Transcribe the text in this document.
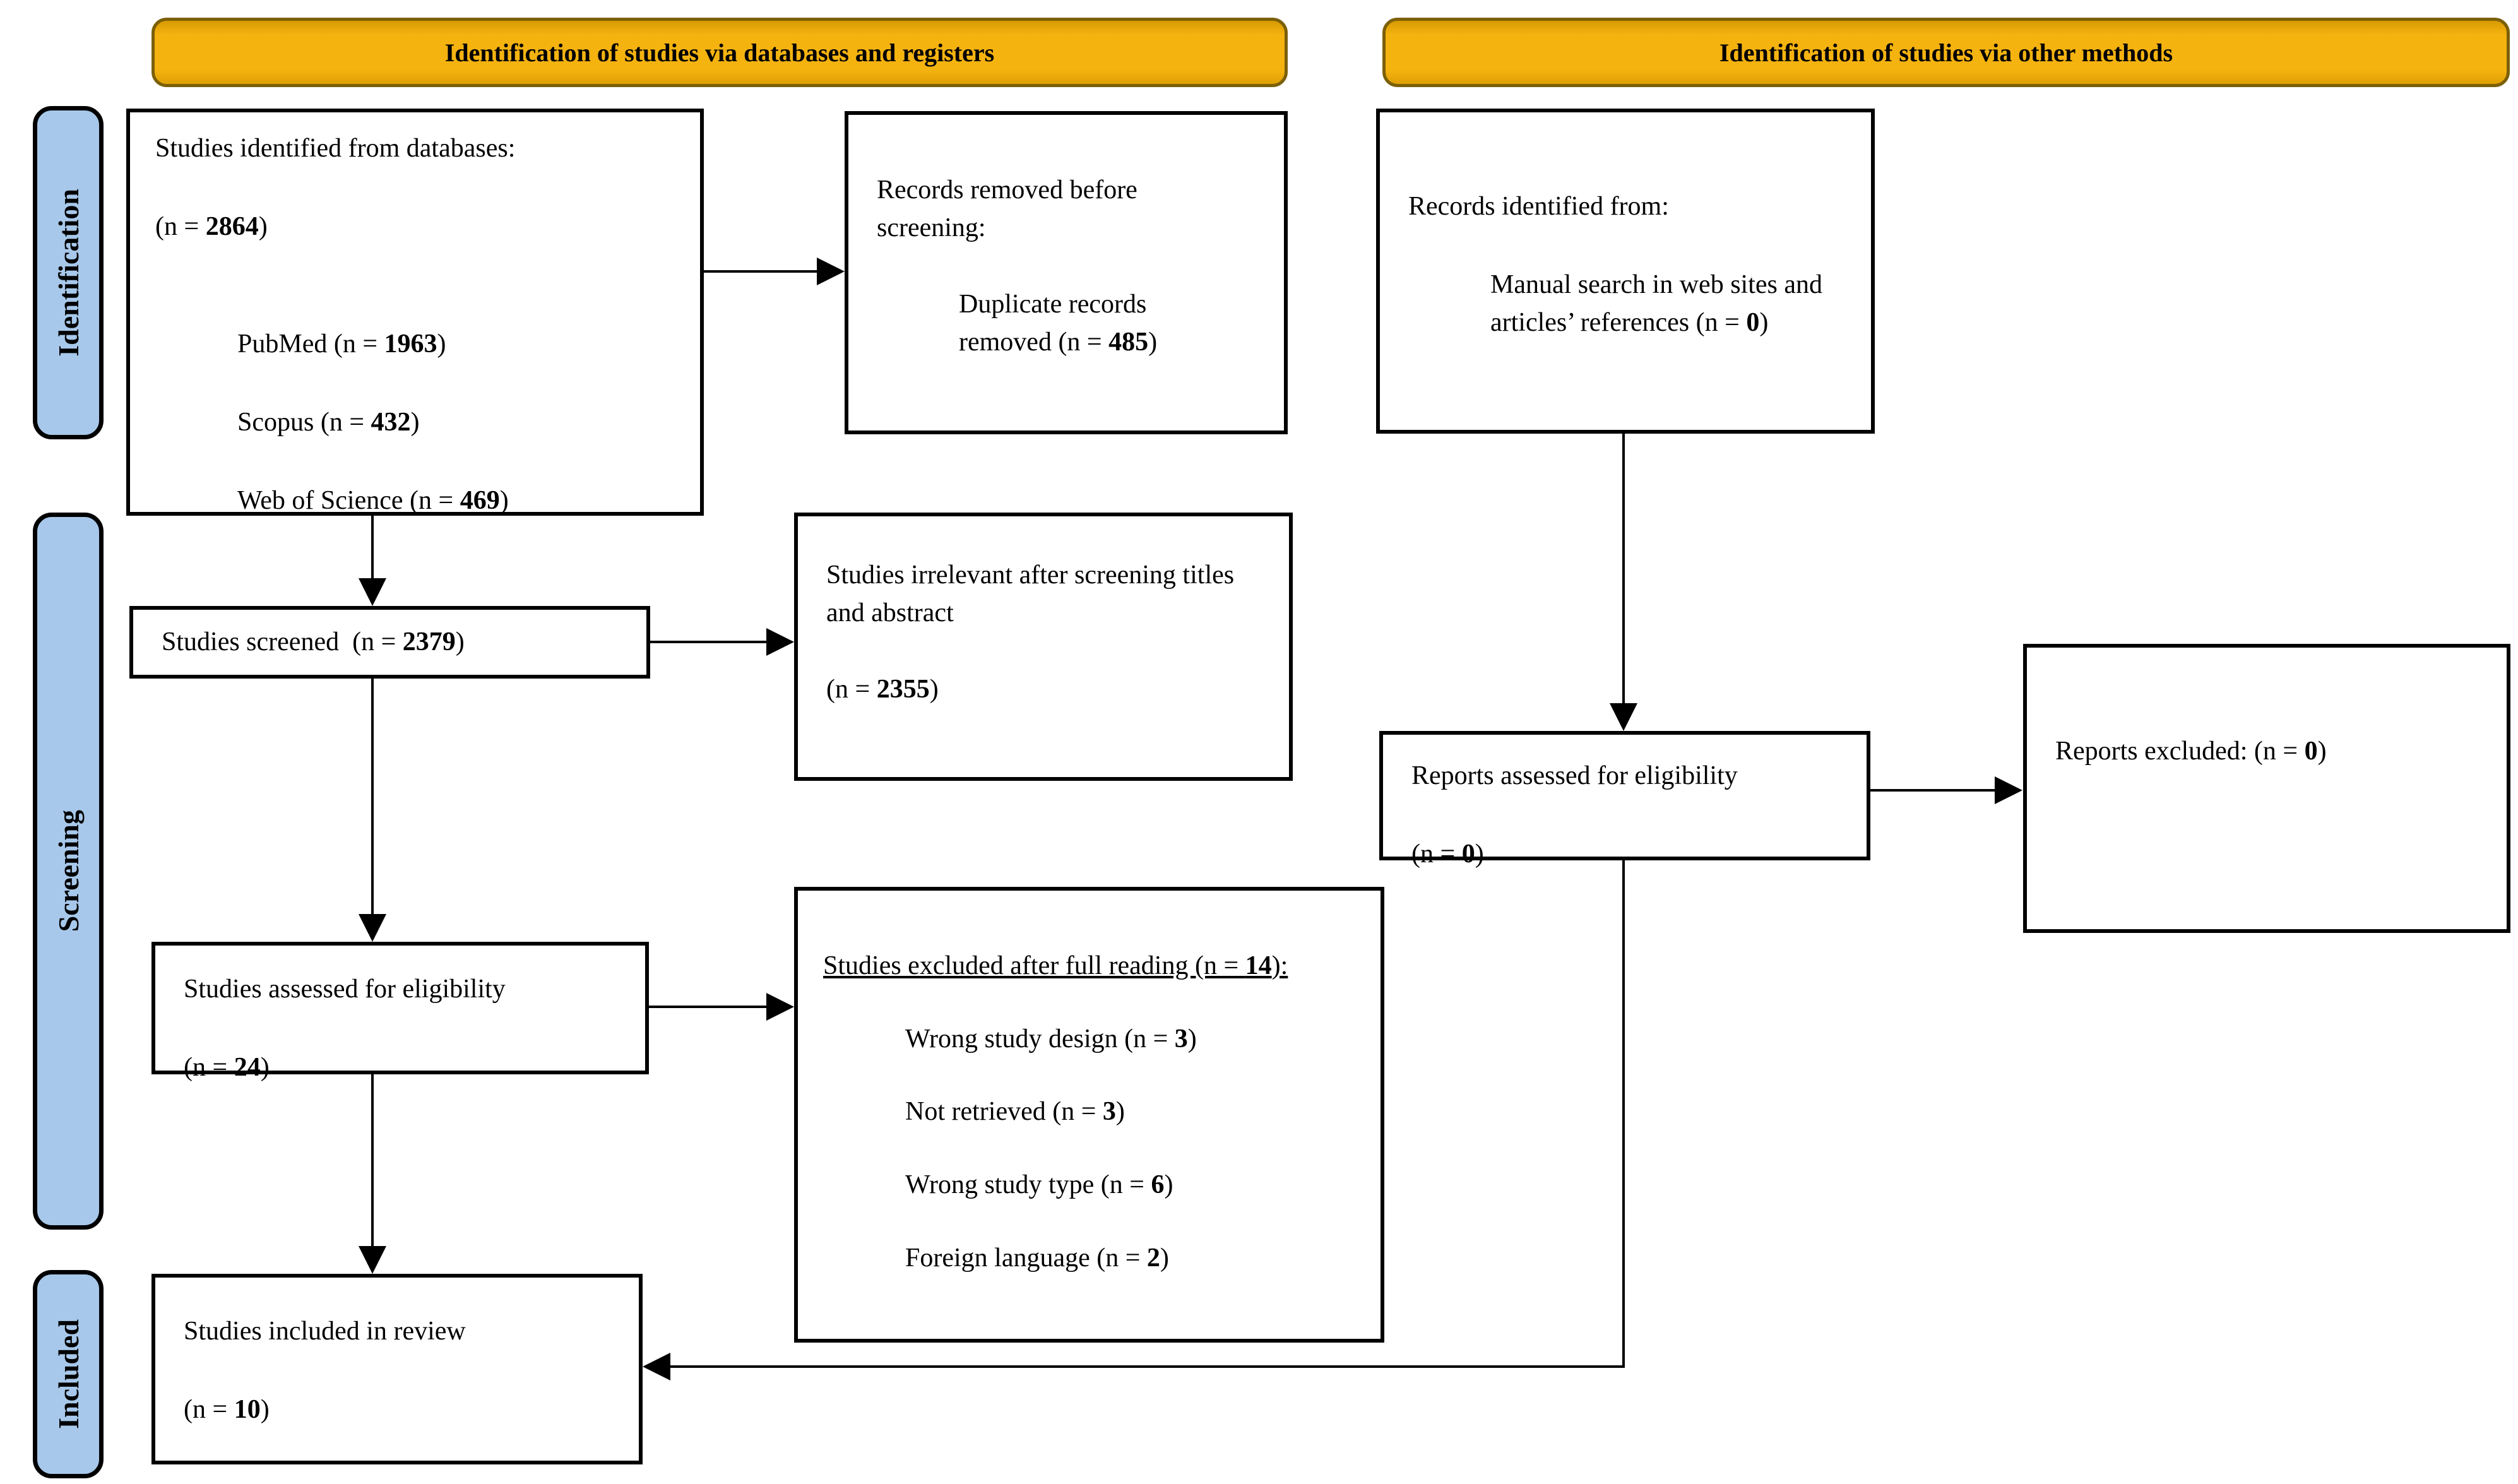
Identification of studies via databases and registers	Identification of studies via other methods
Identification
Screening
Included
Studies identified from databases:
(n = 2864)
PubMed (n = 1963)
Scopus (n = 432)
Web of Science (n = 469)
Records removed before screening:
Duplicate records removed (n = 485)
Studies screened  (n = 2379)
Studies irrelevant after screening titles and abstract
(n = 2355)
Studies assessed for eligibility
(n = 24)
Studies excluded after full reading (n = 14):
Wrong study design (n = 3)
Not retrieved (n = 3)
Wrong study type (n = 6)
Foreign language (n = 2)
Studies included in review
(n = 10)
Records identified from:
Manual search in web sites and articles’ references (n = 0)
Reports assessed for eligibility
(n = 0)
Reports excluded: (n = 0)
